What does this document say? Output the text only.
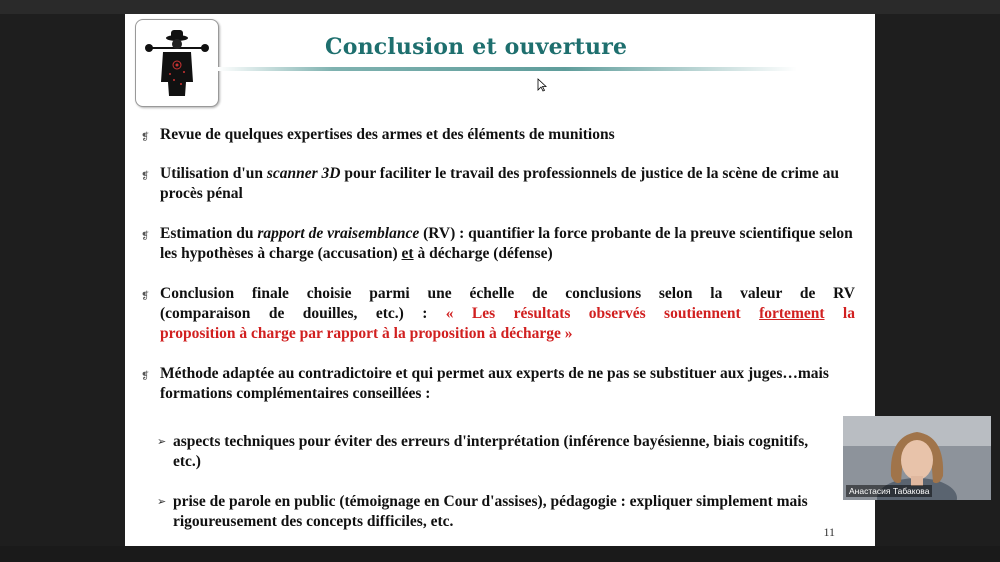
Conclusion et ouverture
❡ Revue de quelques expertises des armes et des éléments de munitions
❡ Utilisation d'un scanner 3D pour faciliter le travail des professionnels de justice de la scène de crime au procès pénal
❡ Estimation du rapport de vraisemblance (RV) : quantifier la force probante de la preuve scientifique selon les hypothèses à charge (accusation) et à décharge (défense)
❡ Conclusion finale choisie parmi une échelle de conclusions selon la valeur de RV
(comparaison de douilles, etc.) : « Les résultats observés soutiennent fortement la
proposition à charge par rapport à la proposition à décharge »
❡ Méthode adaptée au contradictoire et qui permet aux experts de ne pas se substituer aux juges…mais formations complémentaires conseillées :
➢ aspects techniques pour éviter des erreurs d'interprétation (inférence bayésienne, biais cognitifs, etc.)
➢ prise de parole en public (témoignage en Cour d'assises), pédagogie : expliquer simplement mais rigoureusement des concepts difficiles, etc.
11
Анастасия Табакова
